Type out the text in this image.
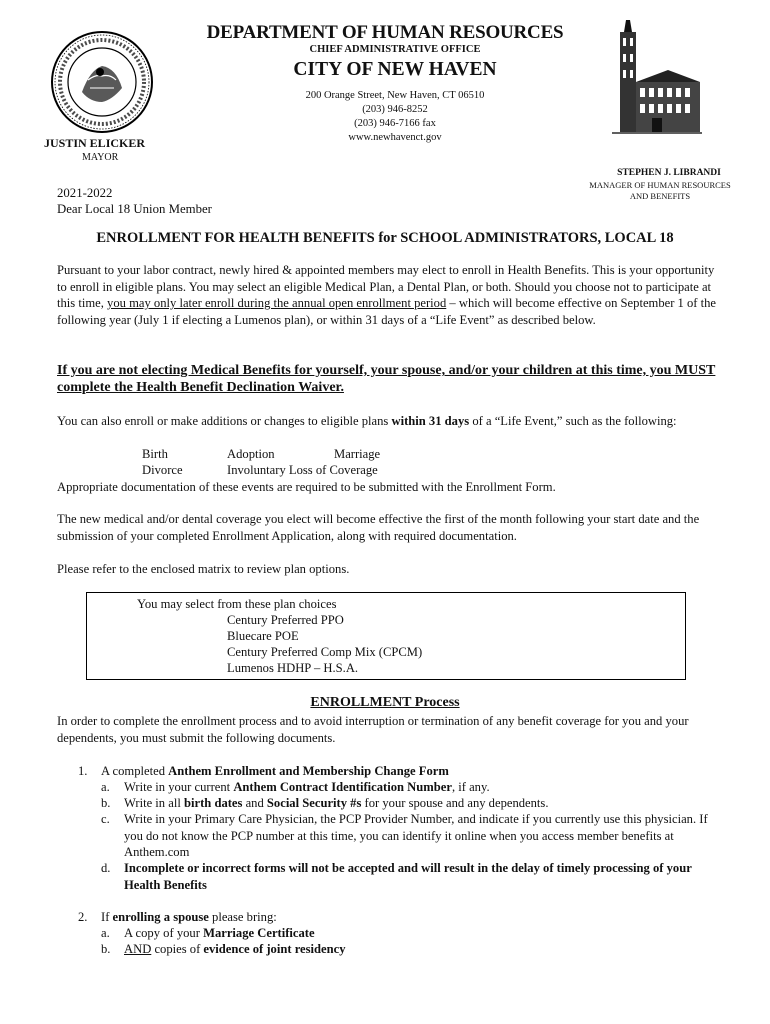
DEPARTMENT OF HUMAN RESOURCES
CHIEF ADMINISTRATIVE OFFICE
CITY OF NEW HAVEN
200 Orange Street, New Haven, CT 06510
(203) 946-8252
(203) 946-7166 fax
www.newhavenct.gov
JUSTIN ELICKER
MAYOR
STEPHEN J. LIBRANDI
MANAGER OF HUMAN RESOURCES
AND BENEFITS
2021-2022
Dear Local 18 Union Member
ENROLLMENT FOR HEALTH BENEFITS for SCHOOL ADMINISTRATORS, LOCAL 18
Pursuant to your labor contract, newly hired & appointed members may elect to enroll in Health Benefits. This is your opportunity to enroll in eligible plans. You may select an eligible Medical Plan, a Dental Plan, or both. Should you choose not to participate at this time, you may only later enroll during the annual open enrollment period – which will become effective on September 1 of the following year (July 1 if electing a Lumenos plan), or within 31 days of a “Life Event” as described below.
If you are not electing Medical Benefits for yourself, your spouse, and/or your children at this time, you MUST complete the Health Benefit Declination Waiver.
You can also enroll or make additions or changes to eligible plans within 31 days of a “Life Event,” such as the following:
Birth	Adoption	Marriage
Divorce	Involuntary Loss of Coverage
Appropriate documentation of these events are required to be submitted with the Enrollment Form.
The new medical and/or dental coverage you elect will become effective the first of the month following your start date and the submission of your completed Enrollment Application, along with required documentation.
Please refer to the enclosed matrix to review plan options.
You may select from these plan choices
Century Preferred PPO
Bluecare POE
Century Preferred Comp Mix (CPCM)
Lumenos HDHP – H.S.A.
ENROLLMENT Process
In order to complete the enrollment process and to avoid interruption or termination of any benefit coverage for you and your dependents, you must submit the following documents.
1. A completed Anthem Enrollment and Membership Change Form
a. Write in your current Anthem Contract Identification Number, if any.
b. Write in all birth dates and Social Security #s for your spouse and any dependents.
c. Write in your Primary Care Physician, the PCP Provider Number, and indicate if you currently use this physician. If you do not know the PCP number at this time, you can identify it online when you access member benefits at Anthem.com
d. Incomplete or incorrect forms will not be accepted and will result in the delay of timely processing of your Health Benefits
2. If enrolling a spouse please bring:
a. A copy of your Marriage Certificate
b. AND copies of evidence of joint residency
